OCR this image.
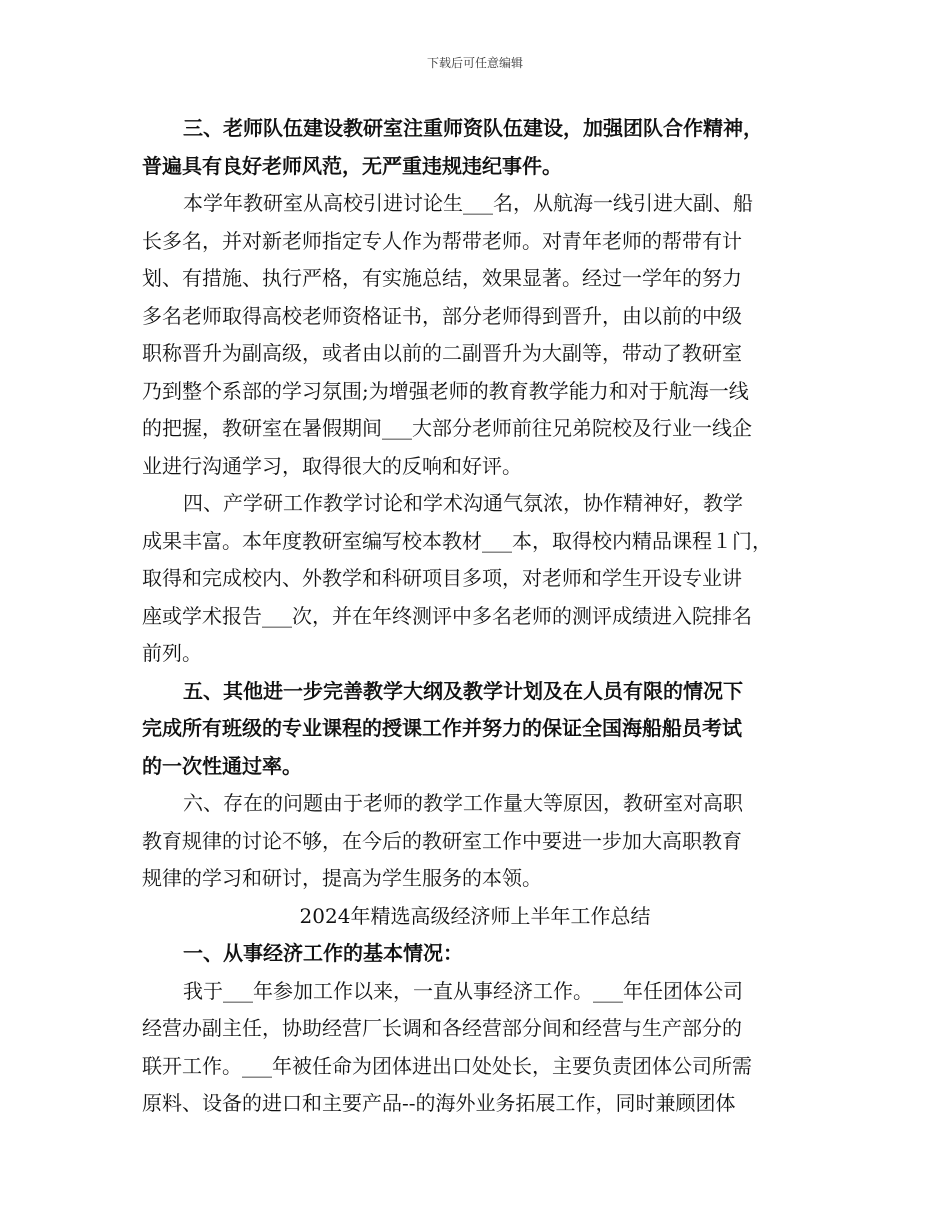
下载后可任意编辑
三、老师队伍建设教研室注重师资队伍建设，加强团队合作精神，
普遍具有良好老师风范，无严重违规违纪事件。
本学年教研室从高校引进讨论生___名，从航海一线引进大副、船
长多名，并对新老师指定专人作为帮带老师。对青年老师的帮带有计
划、有措施、执行严格，有实施总结，效果显著。经过一学年的努力
多名老师取得高校老师资格证书，部分老师得到晋升，由以前的中级
职称晋升为副高级，或者由以前的二副晋升为大副等，带动了教研室
乃到整个系部的学习氛围;为增强老师的教育教学能力和对于航海一线
的把握，教研室在暑假期间___大部分老师前往兄弟院校及行业一线企
业进行沟通学习，取得很大的反响和好评。
四、产学研工作教学讨论和学术沟通气氛浓，协作精神好，教学
成果丰富。本年度教研室编写校本教材___本，取得校内精品课程１门，
取得和完成校内、外教学和科研项目多项，对老师和学生开设专业讲
座或学术报告___次，并在年终测评中多名老师的测评成绩进入院排名
前列。
五、其他进一步完善教学大纲及教学计划及在人员有限的情况下
完成所有班级的专业课程的授课工作并努力的保证全国海船船员考试
的一次性通过率。
六、存在的问题由于老师的教学工作量大等原因，教研室对高职
教育规律的讨论不够，在今后的教研室工作中要进一步加大高职教育
规律的学习和研讨，提高为学生服务的本领。
2024年精选高级经济师上半年工作总结
一、从事经济工作的基本情况：
我于___年参加工作以来，一直从事经济工作。___年任团体公司
经营办副主任，协助经营厂长调和各经营部分间和经营与生产部分的
联开工作。___年被任命为团体进出口处处长，主要负责团体公司所需
原料、设备的进口和主要产品--的海外业务拓展工作，同时兼顾团体
